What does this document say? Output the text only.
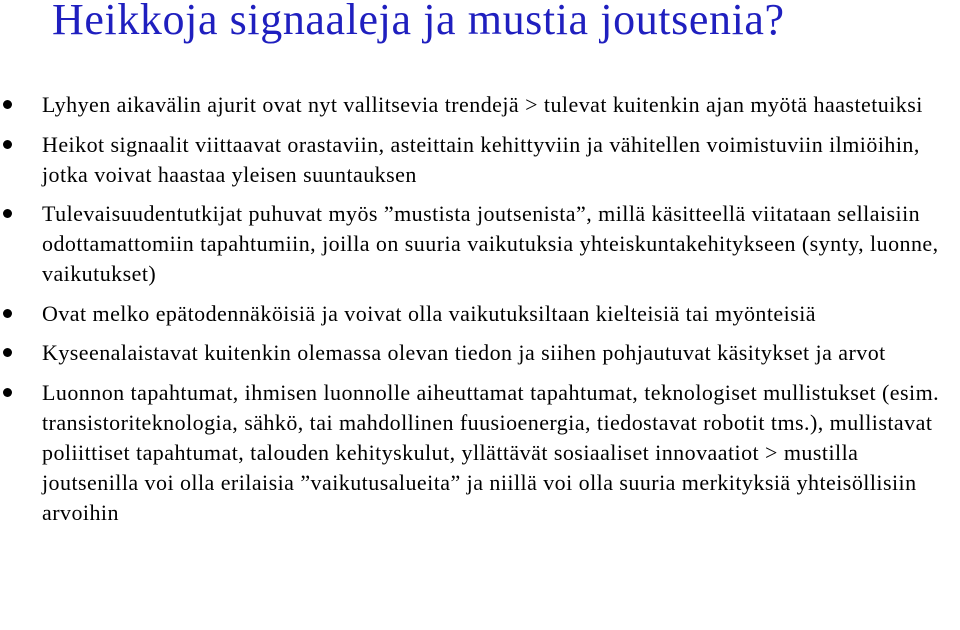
Heikkoja signaaleja ja mustia joutsenia?
Lyhyen aikavälin ajurit ovat nyt vallitsevia trendejä > tulevat kuitenkin ajan myötä haastetuiksi
Heikot signaalit viittaavat orastaviin, asteittain kehittyviin ja vähitellen voimistuviin ilmiöihin, jotka voivat haastaa yleisen suuntauksen
Tulevaisuudentutkijat puhuvat myös ”mustista joutsenista”, millä käsitteellä viitataan sellaisiin odottamattomiin tapahtumiin, joilla on suuria vaikutuksia yhteiskuntakehitykseen (synty, luonne, vaikutukset)
Ovat melko epätodennäköisiä ja voivat olla vaikutuksiltaan kielteisiä tai myönteisiä
Kyseenalaistavat kuitenkin olemassa olevan tiedon ja siihen pohjautuvat käsitykset ja arvot
Luonnon tapahtumat, ihmisen luonnolle aiheuttamat tapahtumat, teknologiset mullistukset (esim. transistoriteknologia, sähkö, tai mahdollinen fuusioenergia, tiedostavat robotit tms.), mullistavat poliittiset tapahtumat, talouden kehityskulut, yllättävät sosiaaliset innovaatiot > mustilla joutsenilla voi olla erilaisia ”vaikutusalueita” ja niillä voi olla suuria merkityksiä yhteisöllisiin arvoihin
